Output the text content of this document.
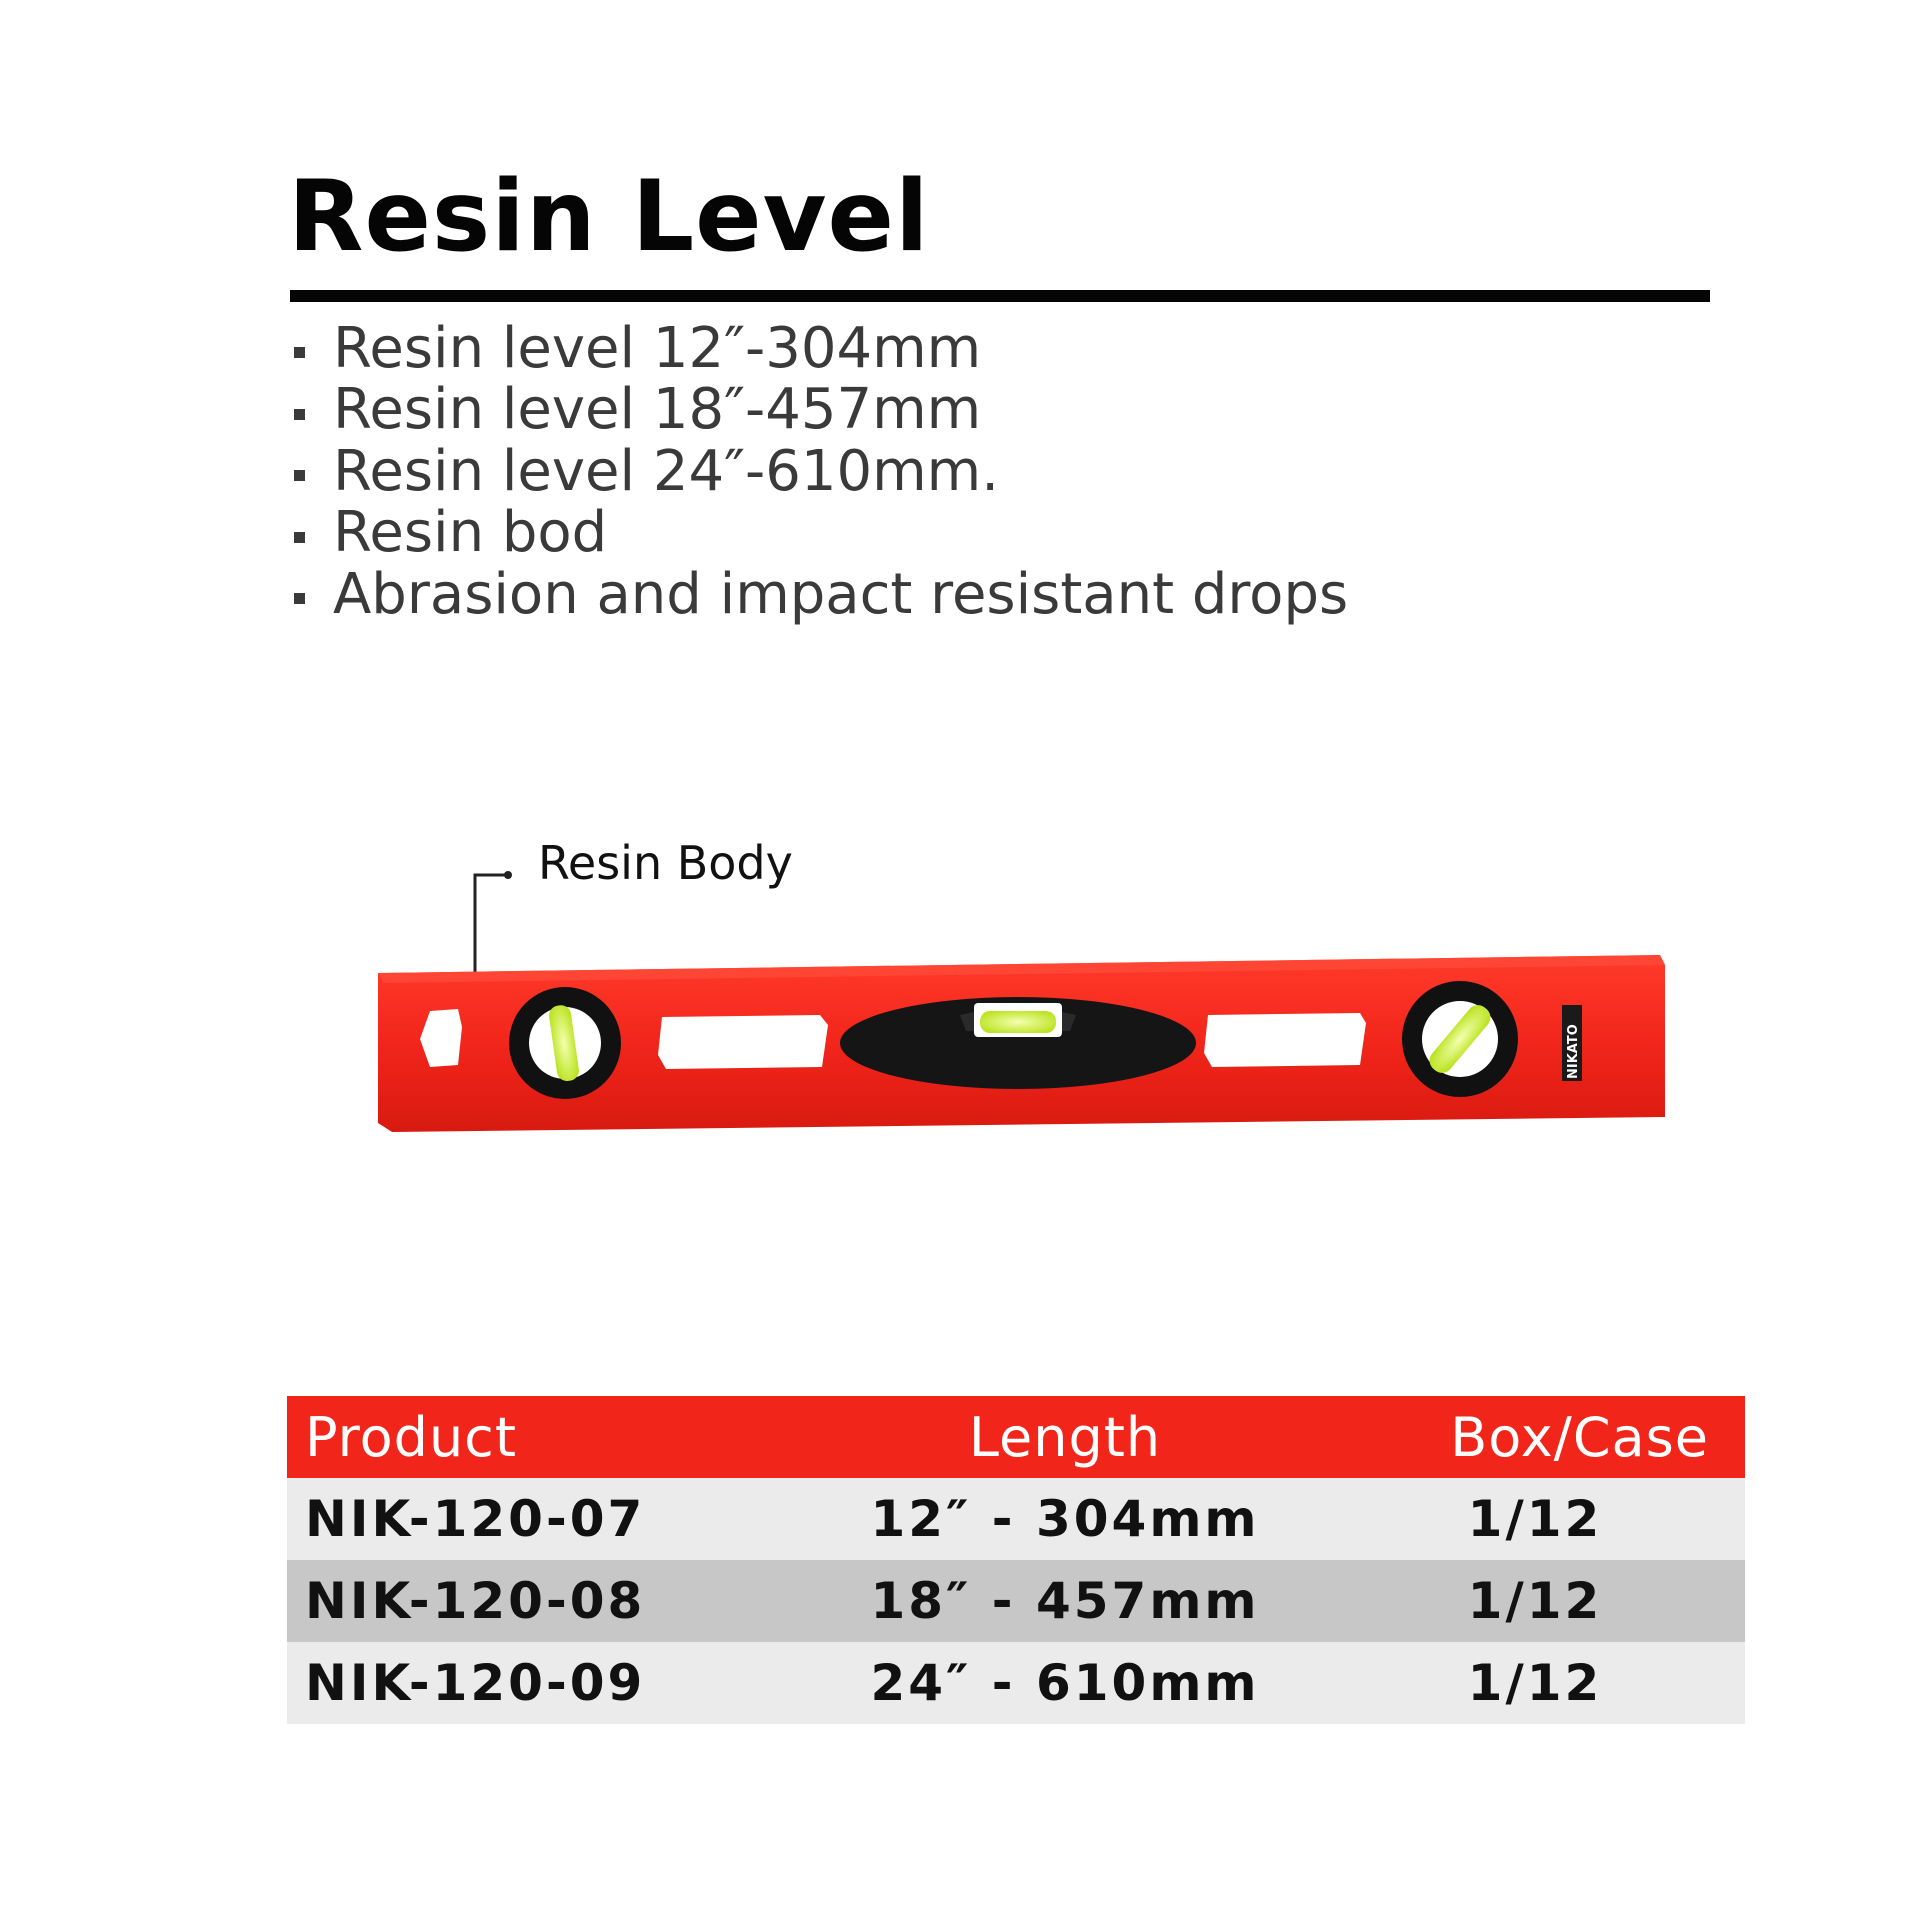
Resin Level
Resin level 12″-304mm
Resin level 18″-457mm
Resin level 24″-610mm.
Resin bod
Abrasion and impact resistant drops
Resin Body
NIKATO
Product	Length	Box/Case
NIK-120-07	12″ - 304mm	1/12
NIK-120-08	18″ - 457mm	1/12
NIK-120-09	24″ - 610mm	1/12
